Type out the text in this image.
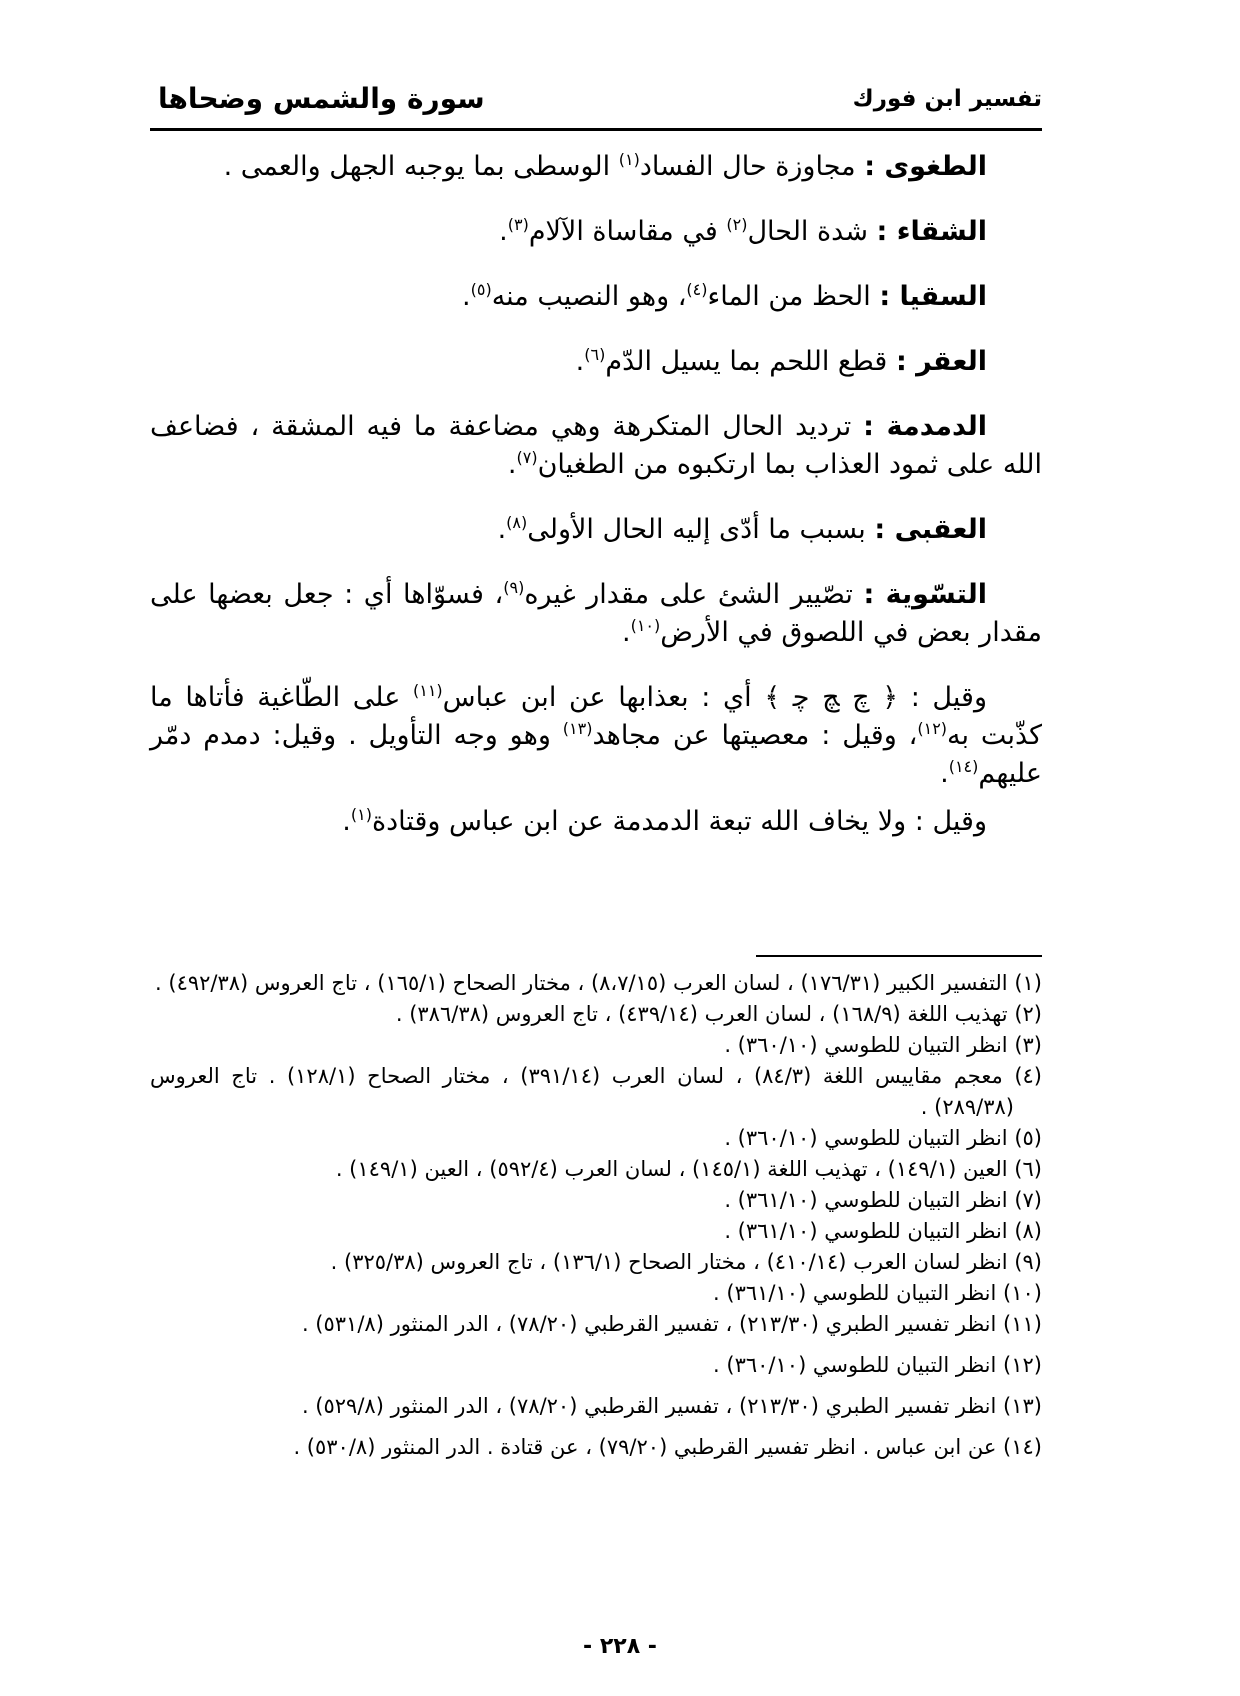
تفسير ابن فورك
سورة والشمس وضحاها

الطغوى : مجاوزة حال الفساد$^{(١)}$ الوسطى بما يوجبه الجهل والعمى .

الشقاء : شدة الحال$^{(٢)}$ في مقاساة الآلام$^{(٣)}$.

السقيا : الحظ من الماء$^{(٤)}$، وهو النصيب منه$^{(٥)}$.

العقر : قطع اللحم بما يسيل الدّم$^{(٦)}$.

الدمدمة : ترديد الحال المتكرهة وهي مضاعفة ما فيه المشقة ، فضاعف الله على ثمود العذاب بما ارتكبوه من الطغيان$^{(٧)}$.

العقبى : بسبب ما أدّى إليه الحال الأولى$^{(٨)}$.

التسّوية : تصّيير الشئ على مقدار غيره$^{(٩)}$، فسوّاها أي : جعل بعضها على مقدار بعض في اللصوق في الأرض$^{(١٠)}$.

وقيل : ﴿ ﭺ ﭻ ﭼ ﴾ أي : بعذابها عن ابن عباس$^{(١١)}$ على الطّاغية فأتاها ما كذّبت به$^{(١٢)}$، وقيل : معصيتها عن مجاهد$^{(١٣)}$ وهو وجه التأويل . وقيل: دمدم دمّر عليهم$^{(١٤)}$.

وقيل : ولا يخاف الله تبعة الدمدمة عن ابن عباس وقتادة$^{(١)}$.

(١) التفسير الكبير (١٧٦/٣١) ، لسان العرب (٨،٧/١٥) ، مختار الصحاح (١٦٥/١) ، تاج العروس (٤٩٢/٣٨) .

(٢) تهذيب اللغة (١٦٨/٩) ، لسان العرب (٤٣٩/١٤) ، تاج العروس (٣٨٦/٣٨) .

(٣) انظر التبيان للطوسي (٣٦٠/١٠) .

(٤) معجم مقاييس اللغة (٨٤/٣) ، لسان العرب (٣٩١/١٤) ، مختار الصحاح (١٢٨/١) . تاج العروس (٢٨٩/٣٨) .

(٥) انظر التبيان للطوسي (٣٦٠/١٠) .

(٦) العين (١٤٩/١) ، تهذيب اللغة (١٤٥/١) ، لسان العرب (٥٩٢/٤) ، العين (١٤٩/١) .

(٧) انظر التبيان للطوسي (٣٦١/١٠) .

(٨) انظر التبيان للطوسي (٣٦١/١٠) .

(٩) انظر لسان العرب (٤١٠/١٤) ، مختار الصحاح (١٣٦/١) ، تاج العروس (٣٢٥/٣٨) .

(١٠) انظر التبيان للطوسي (٣٦١/١٠) .

(١١) انظر تفسير الطبري (٢١٣/٣٠) ، تفسير القرطبي (٧٨/٢٠) ، الدر المنثور (٥٣١/٨) .

(١٢) انظر التبيان للطوسي (٣٦٠/١٠) .

(١٣) انظر تفسير الطبري (٢١٣/٣٠) ، تفسير القرطبي (٧٨/٢٠) ، الدر المنثور (٥٢٩/٨) .

(١٤) عن ابن عباس . انظر تفسير القرطبي (٧٩/٢٠) ، عن قتادة . الدر المنثور (٥٣٠/٨) .

- ٢٢٨ -
